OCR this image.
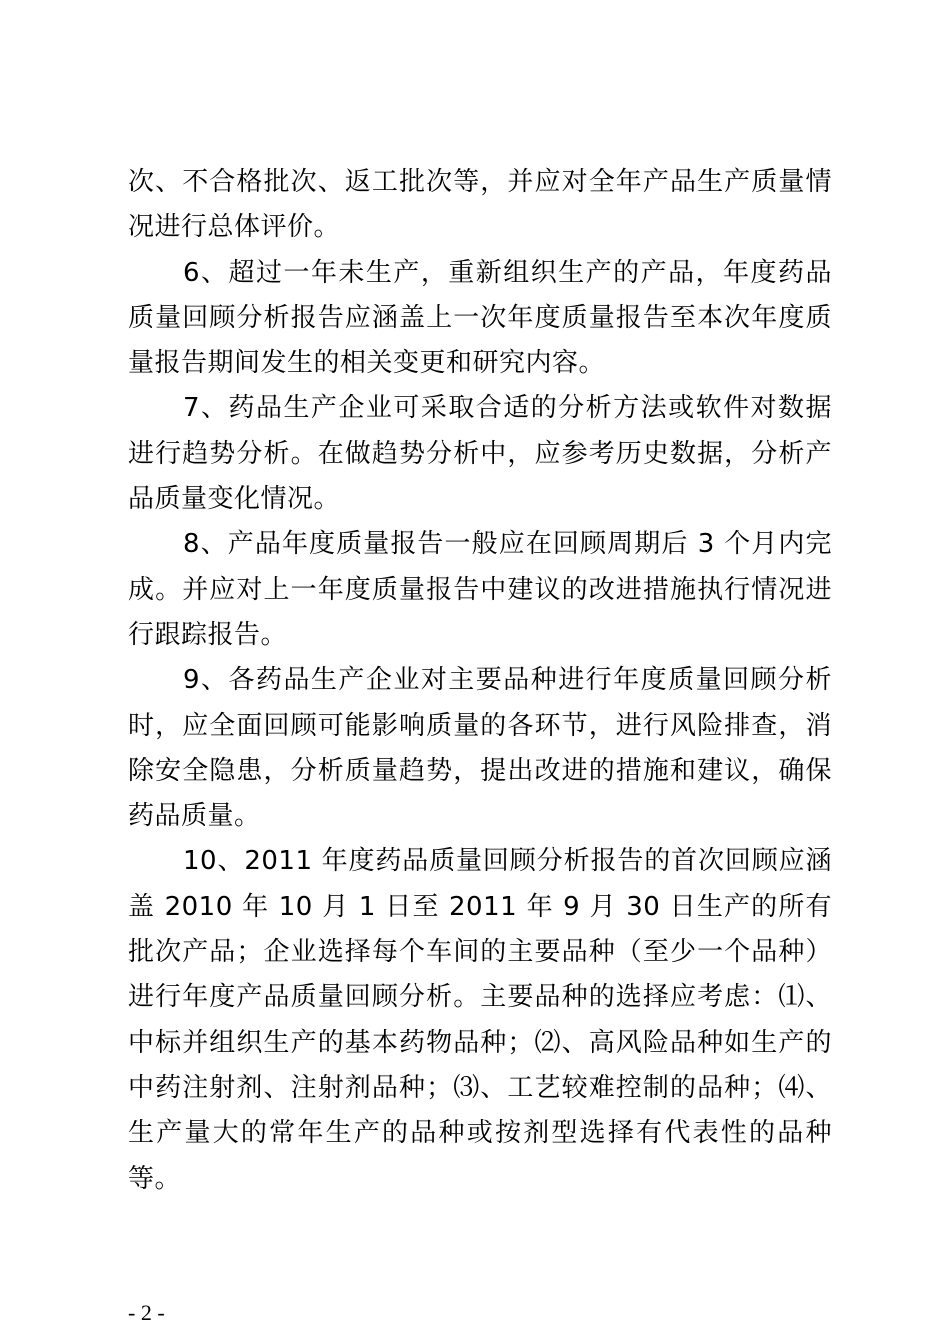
次、不合格批次、返工批次等，并应对全年产品生产质量情况进行总体评价。

6、超过一年未生产，重新组织生产的产品，年度药品质量回顾分析报告应涵盖上一次年度质量报告至本次年度质量报告期间发生的相关变更和研究内容。

7、药品生产企业可采取合适的分析方法或软件对数据进行趋势分析。在做趋势分析中，应参考历史数据，分析产品质量变化情况。

8、产品年度质量报告一般应在回顾周期后 3 个月内完成。并应对上一年度质量报告中建议的改进措施执行情况进行跟踪报告。

9、各药品生产企业对主要品种进行年度质量回顾分析时，应全面回顾可能影响质量的各环节，进行风险排查，消除安全隐患，分析质量趋势，提出改进的措施和建议，确保药品质量。

10、2011 年度药品质量回顾分析报告的首次回顾应涵盖 2010 年 10 月 1 日至 2011 年 9 月 30 日生产的所有批次产品；企业选择每个车间的主要品种（至少一个品种）进行年度产品质量回顾分析。主要品种的选择应考虑：⑴、中标并组织生产的基本药物品种；⑵、高风险品种如生产的中药注射剂、注射剂品种；⑶、工艺较难控制的品种；⑷、生产量大的常年生产的品种或按剂型选择有代表性的品种等。

- 2 -
